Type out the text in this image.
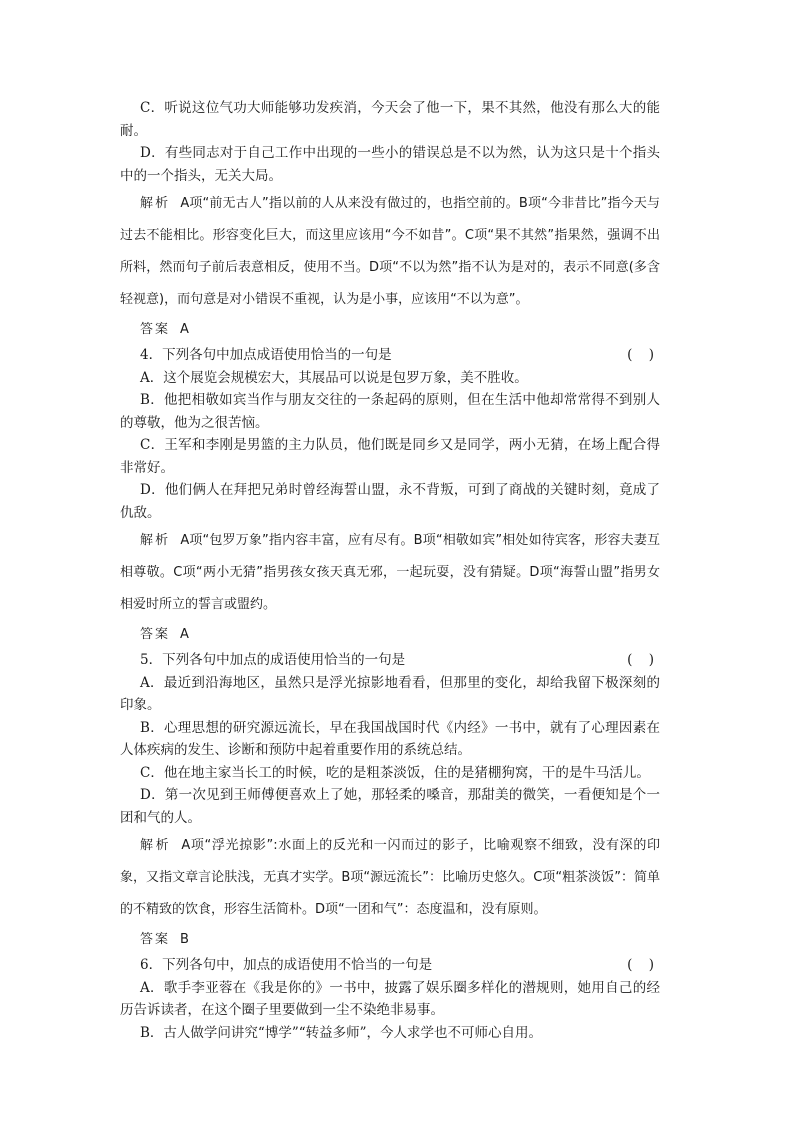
C．听说这位气功大师能够功发疾消，今天会了他一下，果不其然，他没有那么大的能耐。

D．有些同志对于自己工作中出现的一些小的错误总是不以为然，认为这只是十个指头中的一个指头，无关大局。

解析 A项“前无古人”指以前的人从来没有做过的，也指空前的。B项“今非昔比”指今天与过去不能相比。形容变化巨大，而这里应该用“今不如昔”。C项“果不其然”指果然，强调不出所料，然而句子前后表意相反，使用不当。D项“不以为然”指不认为是对的，表示不同意(多含轻视意)，而句意是对小错误不重视，认为是小事，应该用“不以为意”。

答案 A

4．下列各句中加点成语使用恰当的一句是	( )

A．这个展览会规模宏大，其展品可以说是包罗万象，美不胜收。

B．他把相敬如宾当作与朋友交往的一条起码的原则，但在生活中他却常常得不到别人的尊敬，他为之很苦恼。

C．王军和李刚是男篮的主力队员，他们既是同乡又是同学，两小无猜，在场上配合得非常好。

D．他们俩人在拜把兄弟时曾经海誓山盟，永不背叛，可到了商战的关键时刻，竟成了仇敌。

解析 A项“包罗万象”指内容丰富，应有尽有。B项“相敬如宾”相处如待宾客，形容夫妻互相尊敬。C项“两小无猜”指男孩女孩天真无邪，一起玩耍，没有猜疑。D项“海誓山盟”指男女相爱时所立的誓言或盟约。

答案 A

5．下列各句中加点的成语使用恰当的一句是	( )

A．最近到沿海地区，虽然只是浮光掠影地看看，但那里的变化，却给我留下极深刻的印象。

B．心理思想的研究源远流长，早在我国战国时代《内经》一书中，就有了心理因素在人体疾病的发生、诊断和预防中起着重要作用的系统总结。

C．他在地主家当长工的时候，吃的是粗茶淡饭，住的是猪棚狗窝，干的是牛马活儿。

D．第一次见到王师傅便喜欢上了她，那轻柔的嗓音，那甜美的微笑，一看便知是个一团和气的人。

解析 A项“浮光掠影”:水面上的反光和一闪而过的影子，比喻观察不细致，没有深的印象，又指文章言论肤浅，无真才实学。B项“源远流长”：比喻历史悠久。C项“粗茶淡饭”：简单的不精致的饮食，形容生活简朴。D项“一团和气”：态度温和，没有原则。

答案 B

6．下列各句中，加点的成语使用不恰当的一句是	( )

A．歌手李亚蓉在《我是你的》一书中，披露了娱乐圈多样化的潜规则，她用自己的经历告诉读者，在这个圈子里要做到一尘不染绝非易事。

B．古人做学问讲究“博学”“转益多师”，今人求学也不可师心自用。
